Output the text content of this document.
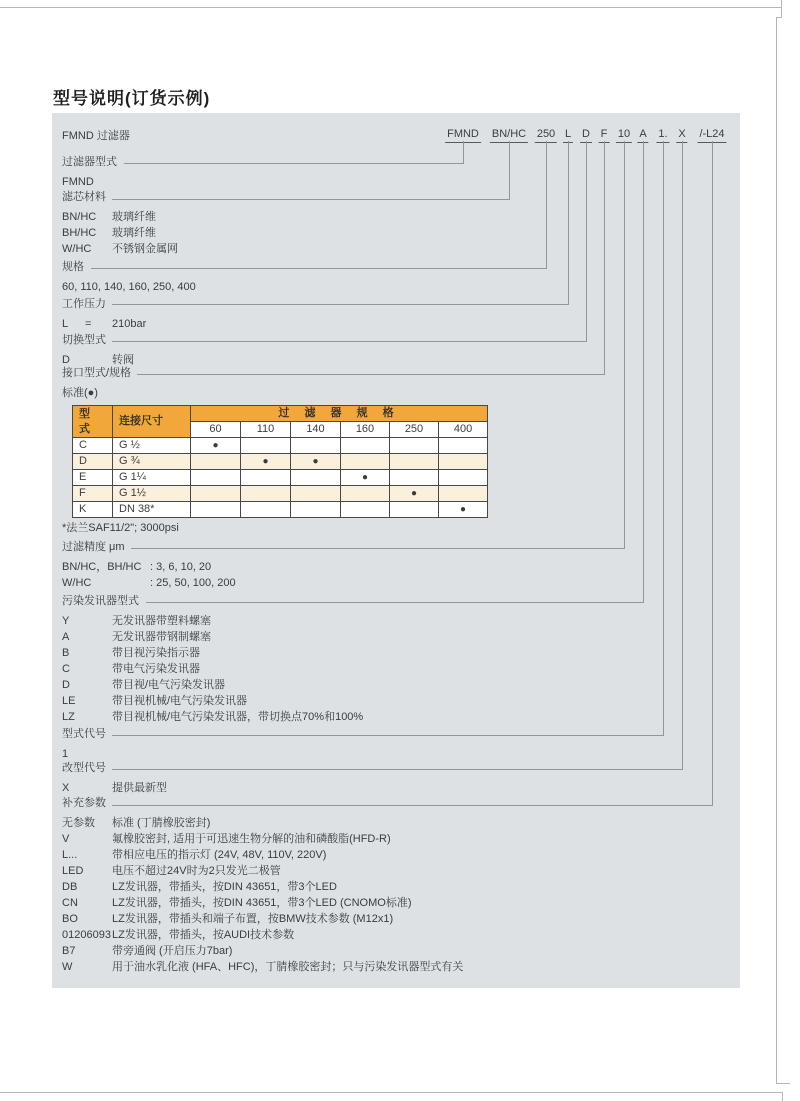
型号说明(订货示例)
FMND BN/HC 250 L D F 10 A 1. X /-L24
FMND 过滤器
过滤器型式
FMND
滤芯材料
BN/HC 玻璃纤维
BH/HC 玻璃纤维
W/HC 不锈钢金属网
规格
60, 110, 140, 160, 250, 400
工作压力
L = 210bar
切换型式
D	转阀
接口型式/规格
标准(●)
型 式	连接尺寸	过 滤 器 规 格					
		60	110	140	160	250	400
C	G ½	●					
D	G ¾		●	●			
E	G 1¼				●		
F	G 1½					●	
K	DN 38*						●
*法兰SAF11/2"; 3000psi
过滤精度 μm
BN/HC，BH/HC : 3, 6, 10, 20
W/HC	: 25, 50, 100, 200
污染发讯器型式
Y	无发讯器带塑料螺塞
A	无发讯器带钢制螺塞
B	带目视污染指示器
C	带电气污染发讯器
D	带目视/电气污染发讯器
LE	带目视机械/电气污染发讯器
LZ	带目视机械/电气污染发讯器，带切换点70%和100%
型式代号
1
改型代号
X	提供最新型
补充参数
无参数 标准 (丁腈橡胶密封)
V	氟橡胶密封, 适用于可迅速生物分解的油和磷酸脂(HFD-R)
L...	带相应电压的指示灯 (24V, 48V, 110V, 220V)
LED	电压不超过24V时为2只发光二极管
DB	LZ发讯器，带插头，按DIN 43651，带3个LED
CN	LZ发讯器，带插头，按DIN 43651，带3个LED (CNOMO标准)
BO	LZ发讯器，带插头和端子布置，按BMW技术参数 (M12x1)
01206093LZ发讯器，带插头，按AUDI技术参数
B7	带旁通阀 (开启压力7bar)
W	用于油水乳化液 (HFA、HFC)，丁腈橡胶密封；只与污染发讯器型式有关
